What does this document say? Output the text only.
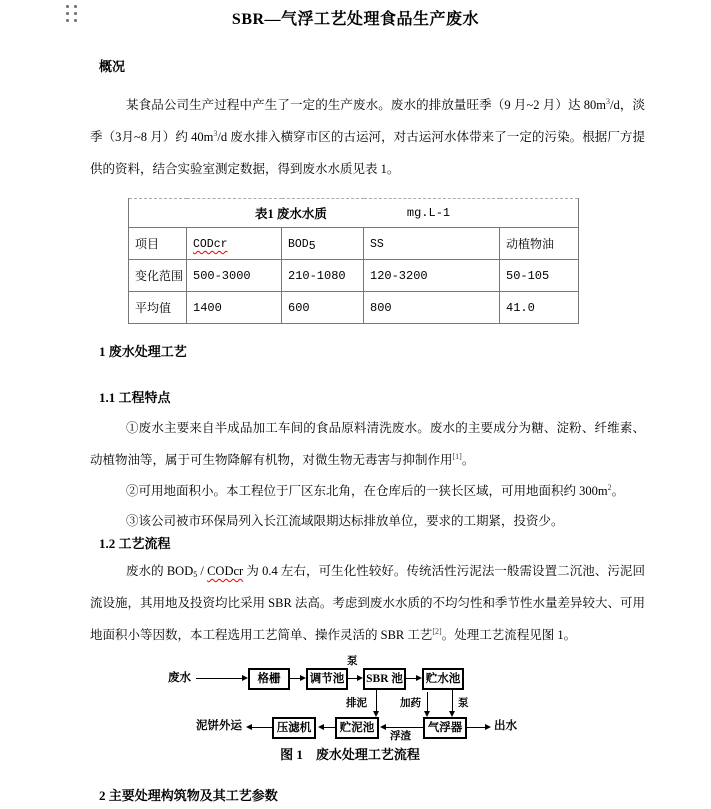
SBR—气浮工艺处理食品生产废水
概况

某食品公司生产过程中产生了一定的生产废水。废水的排放量旺季（9 月~2 月）达 $80m^3/d$，淡季（3月~8 月）约 $40m^3/d$ 废水排入横穿市区的古运河，对古运河水体带来了一定的污染。根据厂方提供的资料，结合实验室测定数据，得到废水水质见表 1。

表1 废水水质 mg.L-1				

项目	CODcr	$BOD_5$	SS	动植物油
变化范围	500-3000	210-1080	120-3200	50-105
平均值	1400	600	800	41.0
1 废水处理工艺
1.1 工程特点

①废水主要来自半成品加工车间的食品原料清洗废水。废水的主要成分为糖、淀粉、纤维素、动植物油等，属于可生物降解有机物，对微生物无毒害与抑制作用[1]。

②可用地面积小。本工程位于厂区东北角，在仓库后的一狭长区域，可用地面积约 $300m^2$。

③该公司被市环保局列入长江流域限期达标排放单位，要求的工期紧，投资少。

1.2 工艺流程

废水的 $BOD_5$ / CODcr 为 0.4 左右，可生化性较好。传统活性污泥法一般需设置二沉池、污泥回流设施，其用地及投资均比采用 SBR 法高。考虑到废水水质的不均匀性和季节性水量差异较大、可用地面积小等因数，本工程选用工艺简单、操作灵活的 SBR 工艺[2]。处理工艺流程见图 1。

废水	格栅	调节池
泵
SBR 池	贮水池
排泥	加药	泵
泥饼外运	压滤机	贮泥池
浮渣
气浮器	出水
图 1　废水处理工艺流程
2 主要处理构筑物及其工艺参数
